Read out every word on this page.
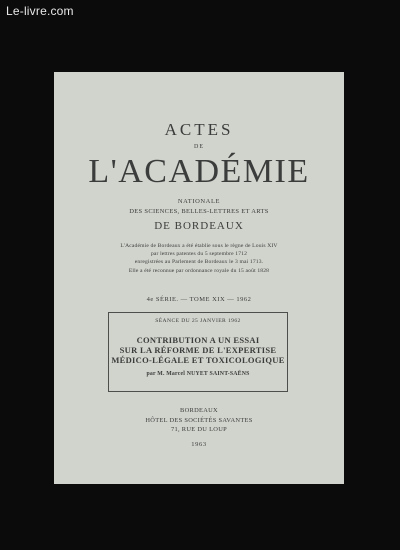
Le-livre.com
ACTES
DE
L'ACADÉMIE
NATIONALE
DES SCIENCES, BELLES-LETTRES ET ARTS
DE BORDEAUX
L'Académie de Bordeaux a été établie sous le règne de Louis XIV
par lettres patentes du 5 septembre 1712
enregistrées au Parlement de Bordeaux le 3 mai 1713.
Elle a été reconnue par ordonnance royale du 15 août 1828
4e SÉRIE. — TOME XIX — 1962
SÉANCE DU 25 JANVIER 1962
CONTRIBUTION A UN ESSAI
SUR LA RÉFORME DE L'EXPERTISE
MÉDICO-LÉGALE ET TOXICOLOGIQUE
par M. Marcel NUYET SAINT-SAËNS
BORDEAUX
HÔTEL DES SOCIÉTÉS SAVANTES
71, RUE DU LOUP
1963
